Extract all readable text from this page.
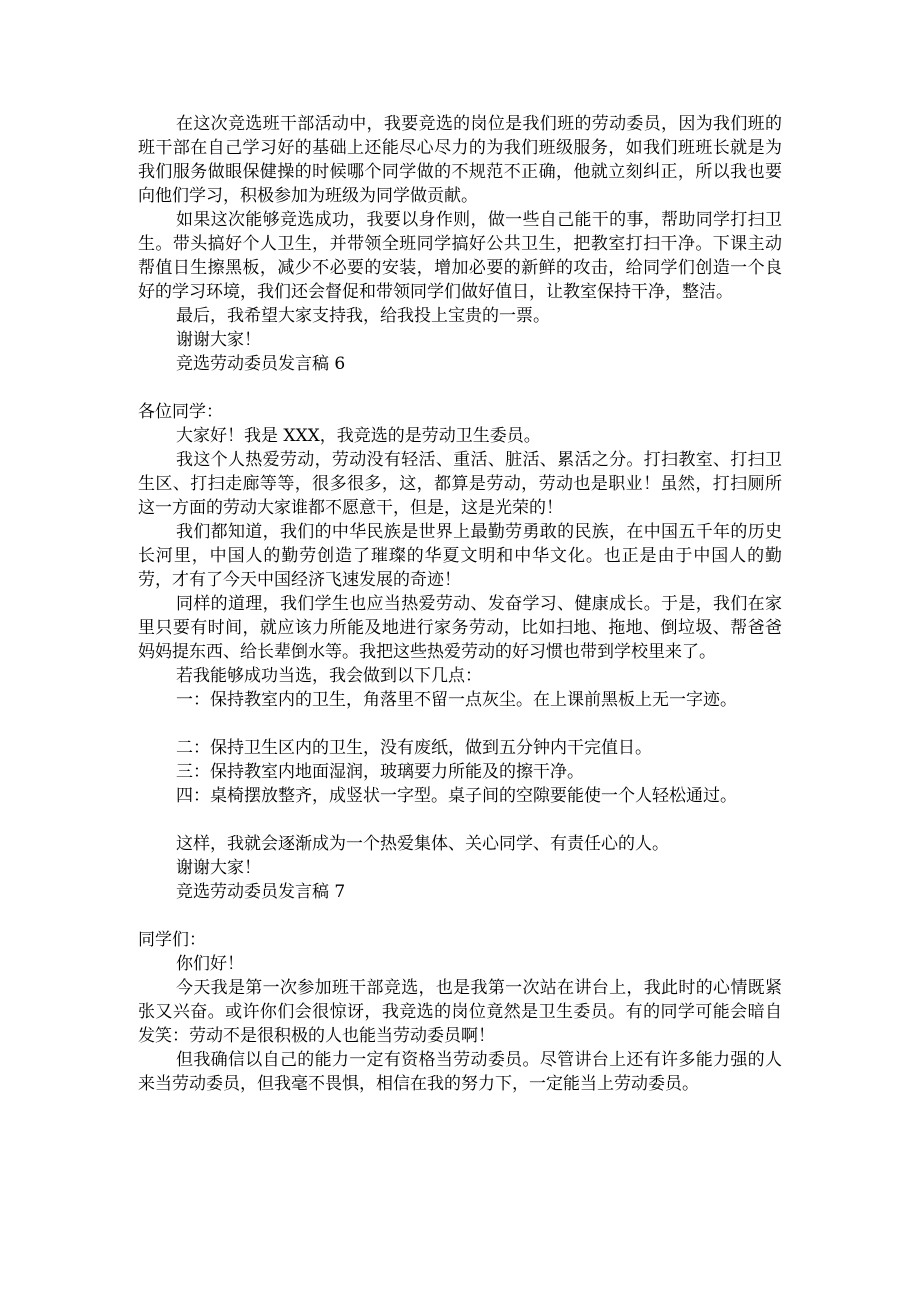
在这次竞选班干部活动中，我要竞选的岗位是我们班的劳动委员，因为我们班的班干部在自己学习好的基础上还能尽心尽力的为我们班级服务，如我们班班长就是为我们服务做眼保健操的时候哪个同学做的不规范不正确，他就立刻纠正，所以我也要向他们学习，积极参加为班级为同学做贡献。

如果这次能够竞选成功，我要以身作则，做一些自己能干的事，帮助同学打扫卫生。带头搞好个人卫生，并带领全班同学搞好公共卫生，把教室打扫干净。下课主动帮值日生擦黑板，减少不必要的安装，增加必要的新鲜的攻击，给同学们创造一个良好的学习环境，我们还会督促和带领同学们做好值日，让教室保持干净，整洁。

最后，我希望大家支持我，给我投上宝贵的一票。

谢谢大家！

竞选劳动委员发言稿 6

各位同学：

大家好！我是 XXX，我竞选的是劳动卫生委员。

我这个人热爱劳动，劳动没有轻活、重活、脏活、累活之分。打扫教室、打扫卫生区、打扫走廊等等，很多很多，这，都算是劳动，劳动也是职业！虽然，打扫厕所这一方面的劳动大家谁都不愿意干，但是，这是光荣的！

我们都知道，我们的中华民族是世界上最勤劳勇敢的民族，在中国五千年的历史长河里，中国人的勤劳创造了璀璨的华夏文明和中华文化。也正是由于中国人的勤劳，才有了今天中国经济飞速发展的奇迹！

同样的道理，我们学生也应当热爱劳动、发奋学习、健康成长。于是，我们在家里只要有时间，就应该力所能及地进行家务劳动，比如扫地、拖地、倒垃圾、帮爸爸妈妈提东西、给长辈倒水等。我把这些热爱劳动的好习惯也带到学校里来了。

若我能够成功当选，我会做到以下几点：

一：保持教室内的卫生，角落里不留一点灰尘。在上课前黑板上无一字迹。

二：保持卫生区内的卫生，没有废纸，做到五分钟内干完值日。

三：保持教室内地面湿润，玻璃要力所能及的擦干净。

四：桌椅摆放整齐，成竖状一字型。桌子间的空隙要能使一个人轻松通过。

这样，我就会逐渐成为一个热爱集体、关心同学、有责任心的人。

谢谢大家！

竞选劳动委员发言稿 7

同学们：

你们好！

今天我是第一次参加班干部竞选，也是我第一次站在讲台上，我此时的心情既紧张又兴奋。或许你们会很惊讶，我竞选的岗位竟然是卫生委员。有的同学可能会暗自发笑：劳动不是很积极的人也能当劳动委员啊！

但我确信以自己的能力一定有资格当劳动委员。尽管讲台上还有许多能力强的人来当劳动委员，但我毫不畏惧，相信在我的努力下，一定能当上劳动委员。
